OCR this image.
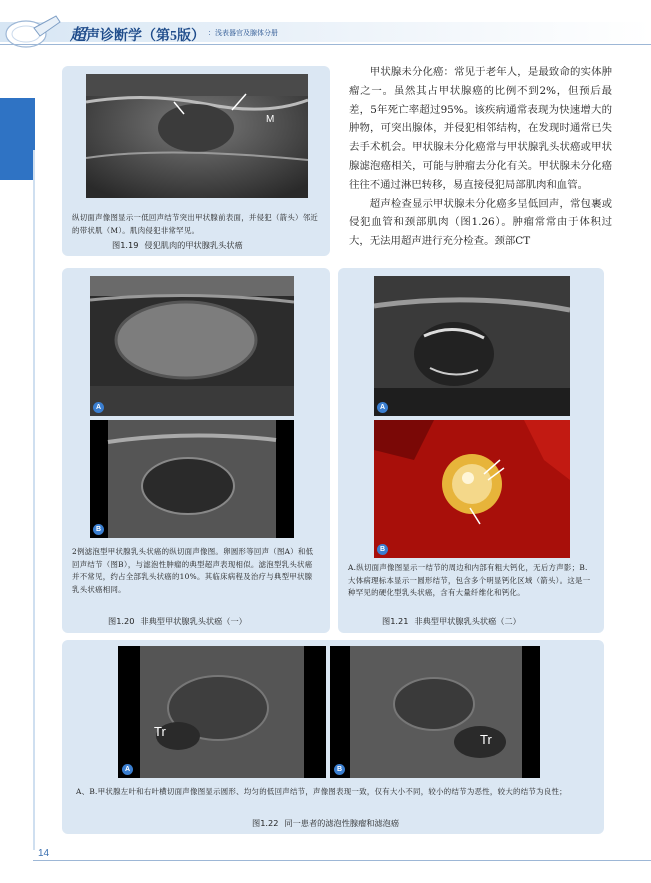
超声诊断学（第5版） ：浅表器官及腺体分册
M
纵切面声像图显示一低回声结节突出甲状腺前表面，并侵犯（箭头）邻近的带状肌（M）。肌肉侵犯非常罕见。
图1.19 侵犯肌肉的甲状腺乳头状癌

甲状腺未分化癌：常见于老年人，是最致命的实体肿瘤之一。虽然其占甲状腺癌的比例不到2%，但预后最差，5年死亡率超过95%。该疾病通常表现为快速增大的肿物，可突出腺体，并侵犯相邻结构，在发现时通常已失去手术机会。甲状腺未分化癌常与甲状腺乳头状癌或甲状腺滤泡癌相关，可能与肿瘤去分化有关。甲状腺未分化癌往往不通过淋巴转移，易直接侵犯局部肌肉和血管。

超声检查显示甲状腺未分化癌多呈低回声，常包裹或侵犯血管和颈部肌肉（图1.26）。肿瘤常常由于体积过大，无法用超声进行充分检查。颈部CT

A
B
2例滤泡型甲状腺乳头状癌的纵切面声像图。卵圆形等回声（图A）和低回声结节（图B），与滤泡性肿瘤的典型超声表现相似。滤泡型乳头状癌并不常见，约占全部乳头状癌的10%。其临床病程及治疗与典型甲状腺乳头状癌相同。
图1.20 非典型甲状腺乳头状癌（一）
A
B
A.纵切面声像图显示一结节的周边和内部有粗大钙化，无后方声影；B.大体病理标本显示一圆形结节，包含多个明显钙化区域（箭头）。这是一种罕见的硬化型乳头状癌，含有大量纤维化和钙化。
图1.21 非典型甲状腺乳头状癌（二）
Tr
A
Tr
B
A、B.甲状腺左叶和右叶横切面声像图显示圆形、均匀的低回声结节，声像图表现一致，仅有大小不同，较小的结节为恶性，较大的结节为良性；
图1.22 同一患者的滤泡性腺瘤和滤泡癌
14
